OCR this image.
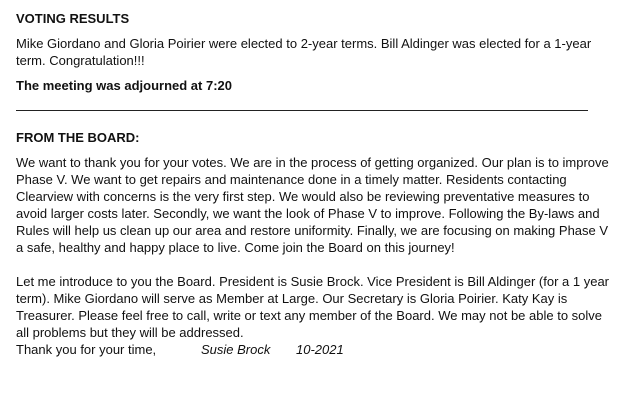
VOTING RESULTS

Mike Giordano and Gloria Poirier were elected to 2-year terms. Bill Aldinger was elected for a 1-year term. Congratulation!!!

The meeting was adjourned at 7:20

FROM THE BOARD:

We want to thank you for your votes. We are in the process of getting organized. Our plan is to improve Phase V. We want to get repairs and maintenance done in a timely matter. Residents contacting Clearview with concerns is the very first step. We would also be reviewing preventative measures to avoid larger costs later. Secondly, we want the look of Phase V to improve. Following the By-laws and Rules will help us clean up our area and restore uniformity. Finally, we are focusing on making Phase V a safe, healthy and happy place to live. Come join the Board on this journey!

Let me introduce to you the Board. President is Susie Brock. Vice President is Bill Aldinger (for a 1 year term). Mike Giordano will serve as Member at Large. Our Secretary is Gloria Poirier. Katy Kay is Treasurer. Please feel free to call, write or text any member of the Board. We may not be able to solve all problems but they will be addressed.

Thank you for your time,	Susie Brock 10-2021
